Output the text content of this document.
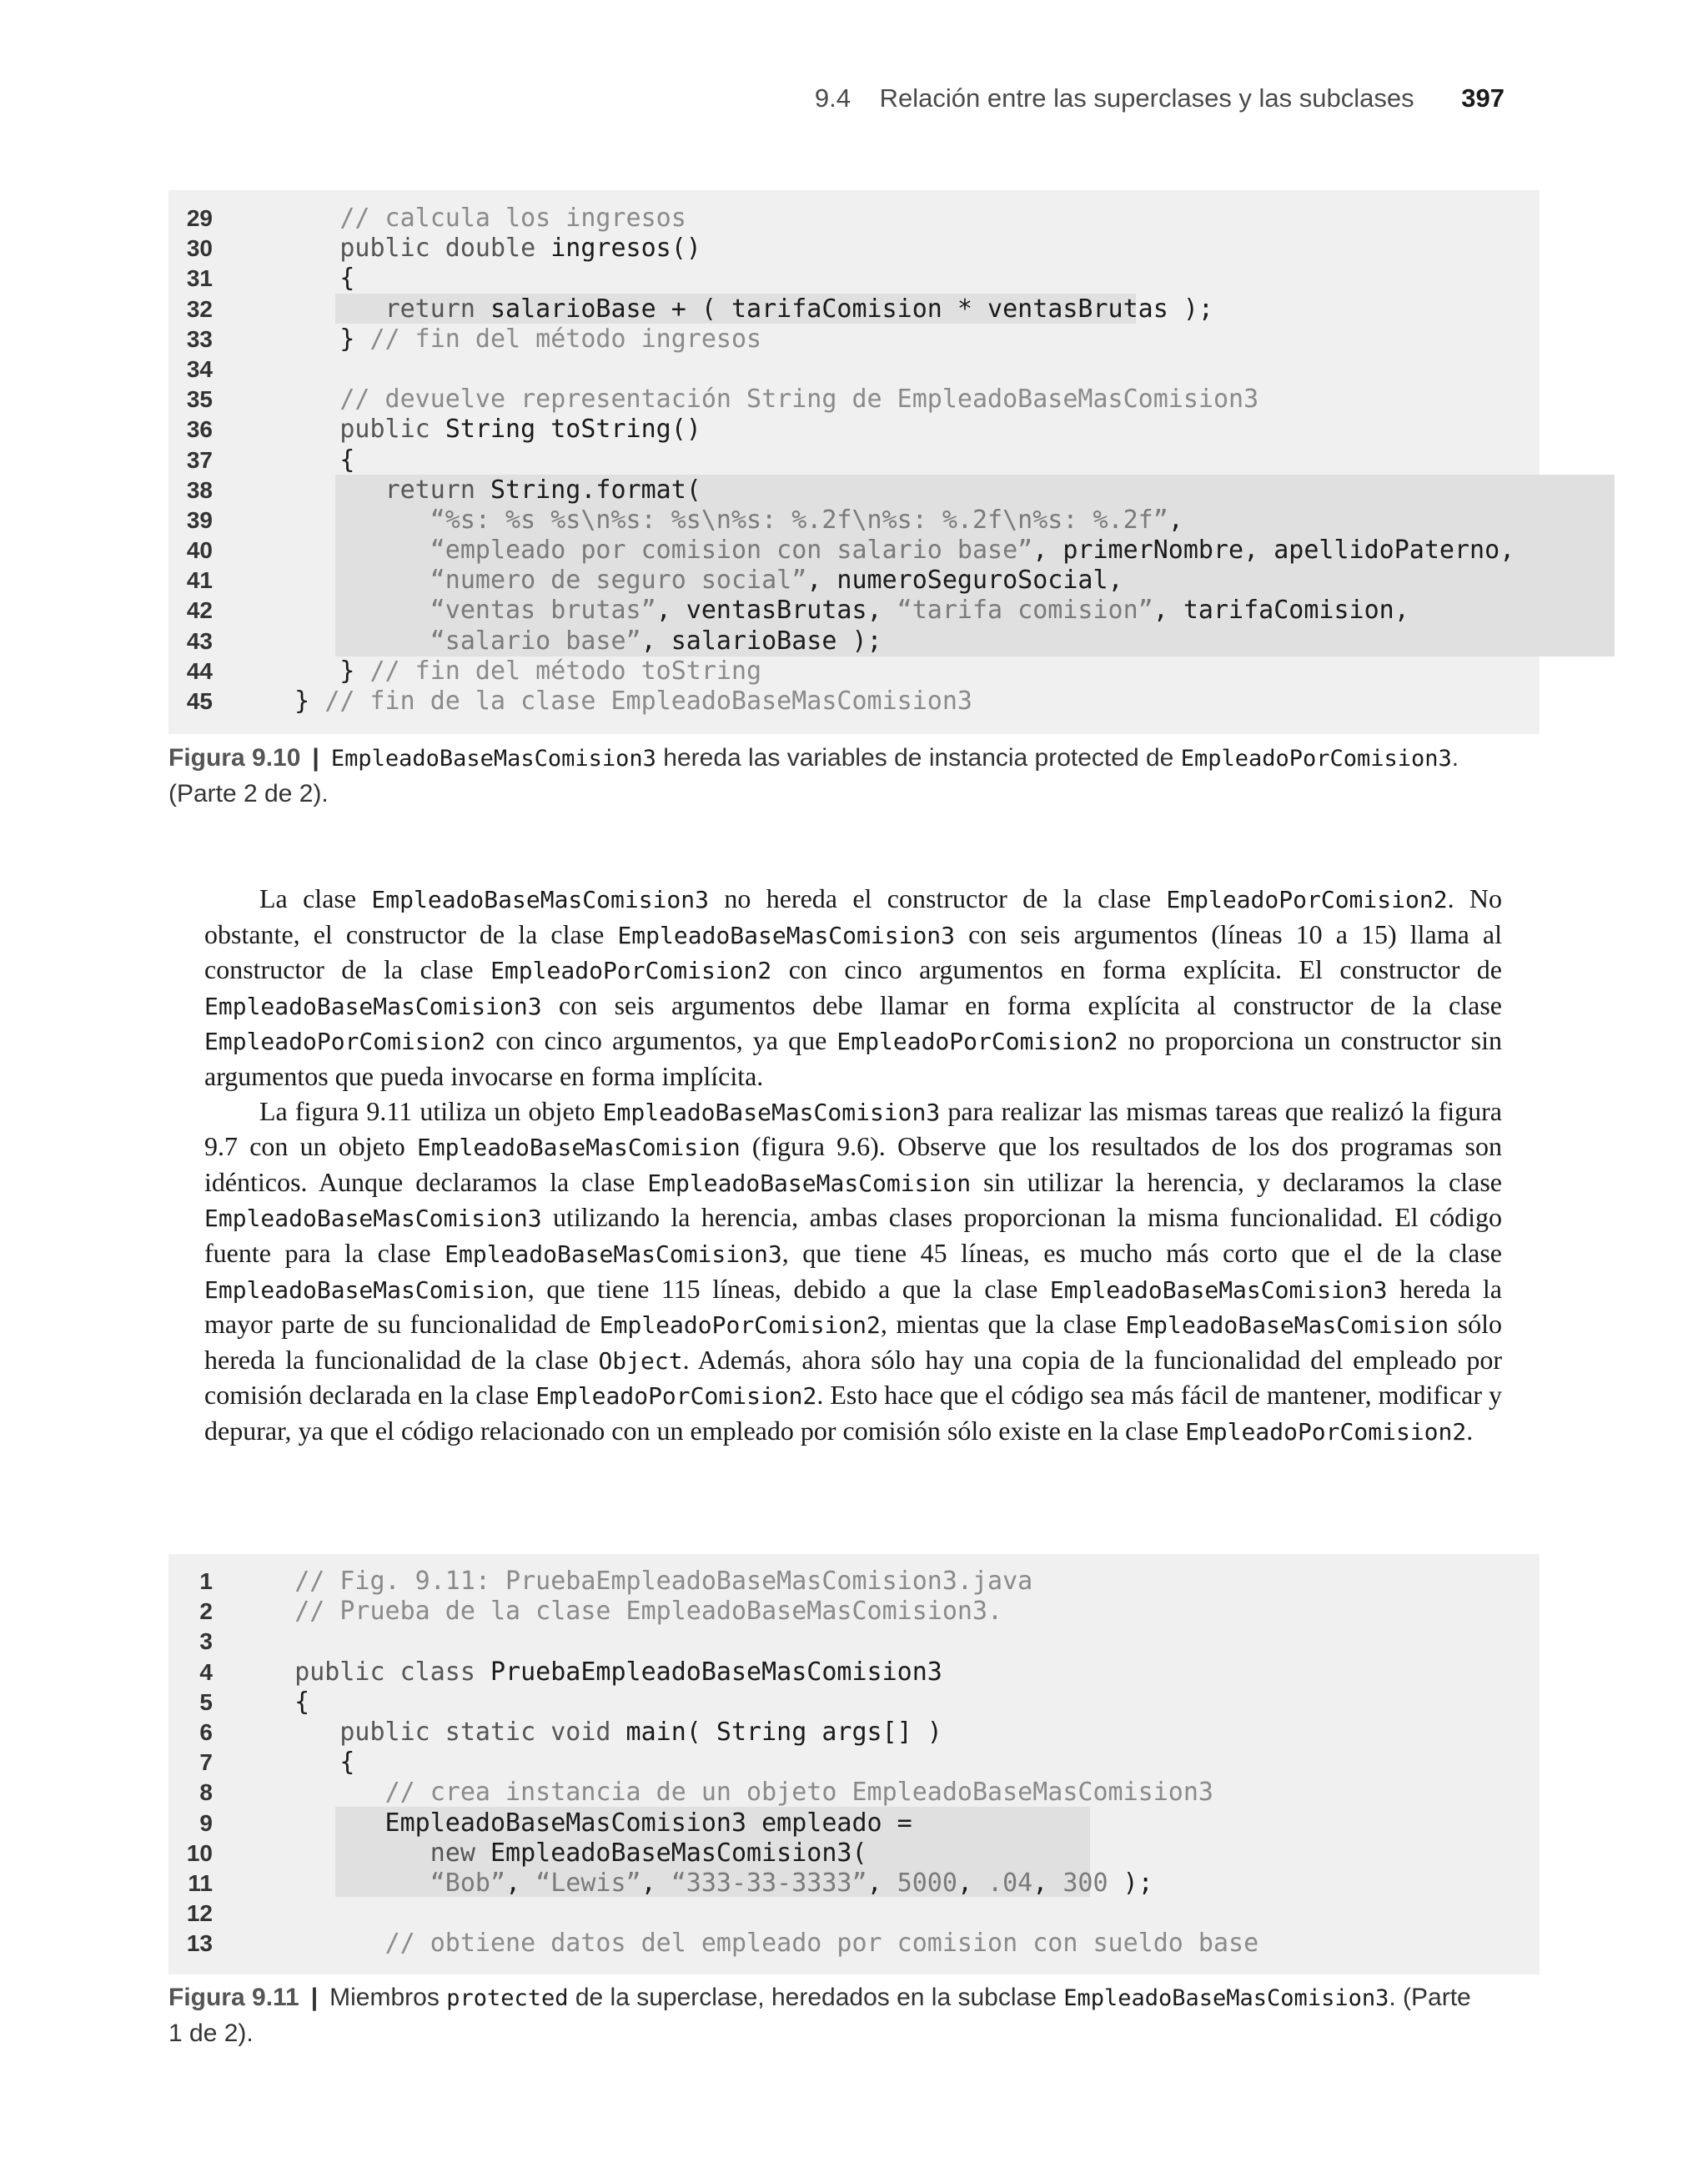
9.4 Relación entre las superclases y las subclases 397
29	// calcula los ingresos
30	public double ingresos()
31 {
32	return salarioBase + ( tarifaComision * ventasBrutas );
33 } // fin del método ingresos
34
35	// devuelve representación String de EmpleadoBaseMasComision3
36	public String toString()
37 {
38	return String.format(
39	“%s: %s %s\n%s: %s\n%s: %.2f\n%s: %.2f\n%s: %.2f”,
40	“empleado por comision con salario base”, primerNombre, apellidoPaterno,
41	“numero de seguro social”, numeroSeguroSocial,
42	“ventas brutas”, ventasBrutas, “tarifa comision”, tarifaComision,
43	“salario base”, salarioBase );
44 } // fin del método toString
45 } // fin de la clase EmpleadoBaseMasComision3
Figura 9.10 | EmpleadoBaseMasComision3 hereda las variables de instancia protected de EmpleadoPorComision3.
(Parte 2 de 2).

La clase EmpleadoBaseMasComision3 no hereda el constructor de la clase EmpleadoPorComision2. No obstante, el constructor de la clase EmpleadoBaseMasComision3 con seis argumentos (líneas 10 a 15) llama al constructor de la clase EmpleadoPorComision2 con cinco argumentos en forma explícita. El constructor de EmpleadoBaseMasComision3 con seis argumentos debe llamar en forma explícita al constructor de la clase EmpleadoPorComision2 con cinco argumentos, ya que EmpleadoPorComision2 no proporciona un constructor sin argumentos que pueda invocarse en forma implícita.

La figura 9.11 utiliza un objeto EmpleadoBaseMasComision3 para realizar las mismas tareas que realizó la figura 9.7 con un objeto EmpleadoBaseMasComision (figura 9.6). Observe que los resultados de los dos programas son idénticos. Aunque declaramos la clase EmpleadoBaseMasComision sin utilizar la herencia, y declaramos la clase EmpleadoBaseMasComision3 utilizando la herencia, ambas clases proporcionan la misma funcionalidad. El código fuente para la clase EmpleadoBaseMasComision3, que tiene 45 líneas, es mucho más corto que el de la clase EmpleadoBaseMasComision, que tiene 115 líneas, debido a que la clase EmpleadoBaseMasComision3 hereda la mayor parte de su funcionalidad de EmpleadoPorComision2, mientas que la clase EmpleadoBaseMasComision sólo hereda la funcionalidad de la clase Object. Además, ahora sólo hay una copia de la funcionalidad del empleado por comisión declarada en la clase EmpleadoPorComision2. Esto hace que el código sea más fácil de mantener, modificar y depurar, ya que el código relacionado con un empleado por comisión sólo existe en la clase EmpleadoPorComision2.

1	// Fig. 9.11: PruebaEmpleadoBaseMasComision3.java
2	// Prueba de la clase EmpleadoBaseMasComision3.
3
4	public class PruebaEmpleadoBaseMasComision3
5 {
6	public static void main( String args[] )
7 {
8	// crea instancia de un objeto EmpleadoBaseMasComision3
9 EmpleadoBaseMasComision3 empleado =
10	new EmpleadoBaseMasComision3(
11	“Bob”, “Lewis”, “333-33-3333”, 5000, .04, 300 );
12
13	// obtiene datos del empleado por comision con sueldo base
Figura 9.11 | Miembros protected de la superclase, heredados en la subclase EmpleadoBaseMasComision3. (Parte
1 de 2).
